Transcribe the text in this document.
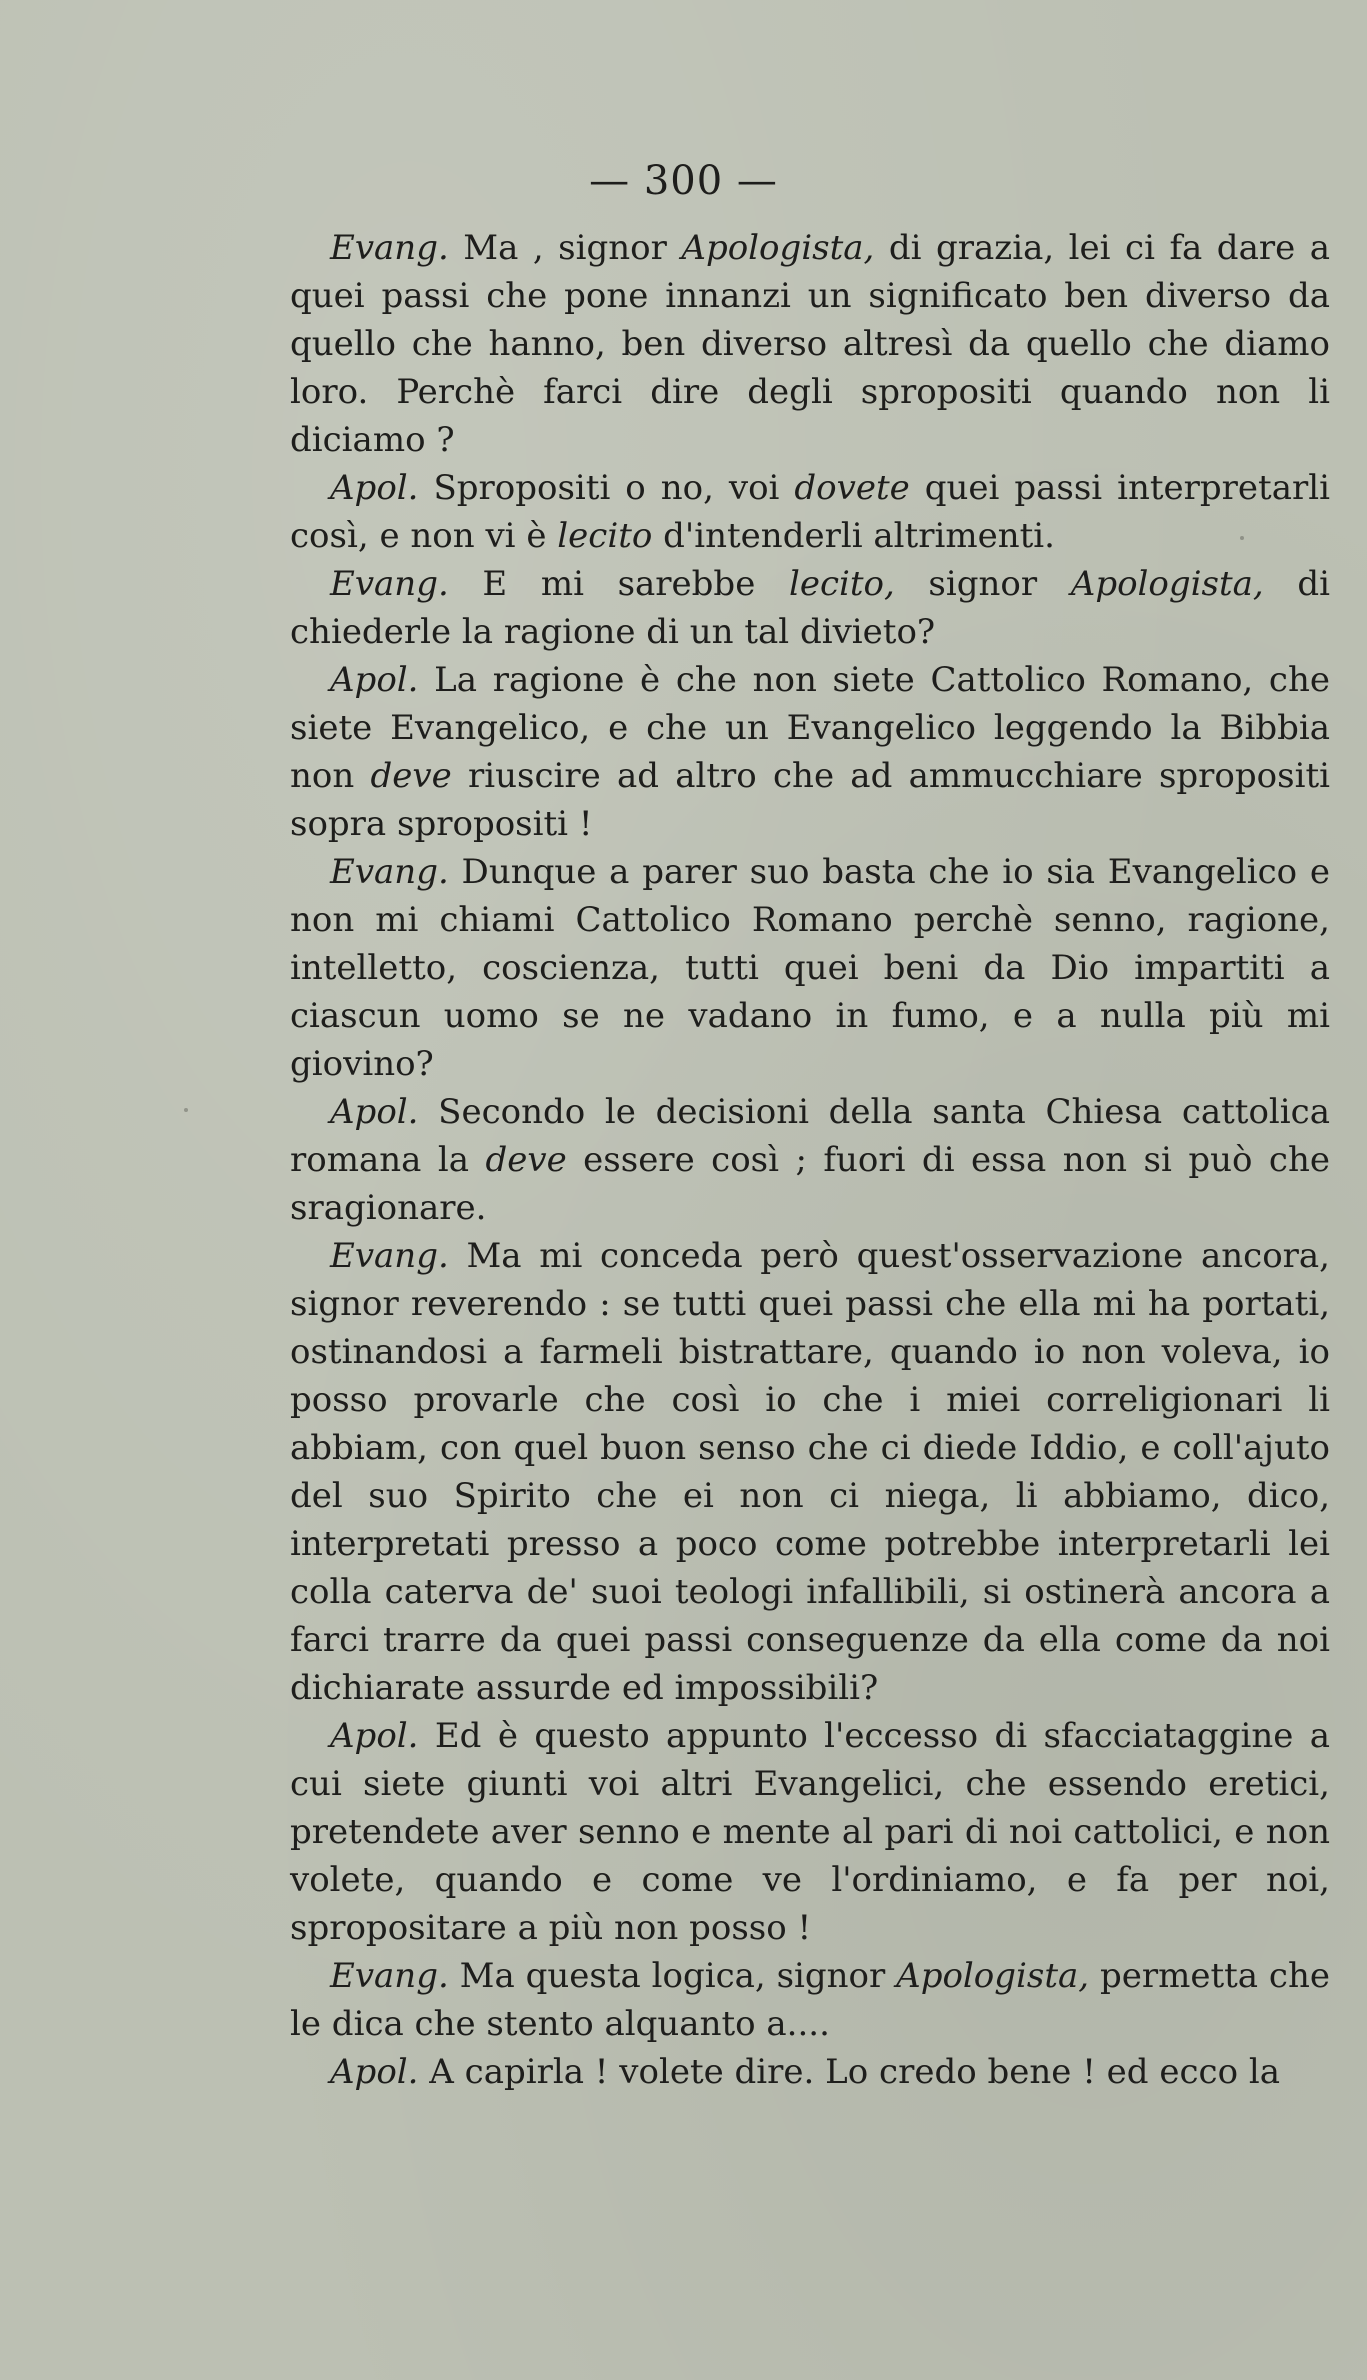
— 300 —

Evang. Ma , signor Apologista, di grazia, lei ci fa dare a quei passi che pone innanzi un significato ben diverso da quello che hanno, ben diverso altresì da quello che diamo loro. Perchè farci dire degli spropositi quando non li diciamo ?

Apol. Spropositi o no, voi dovete quei passi interpretarli così, e non vi è lecito d'intenderli altrimenti.

Evang. E mi sarebbe lecito, signor Apologista, di chiederle la ragione di un tal divieto?

Apol. La ragione è che non siete Cattolico Romano, che siete Evangelico, e che un Evangelico leggendo la Bibbia non deve riuscire ad altro che ad ammucchiare spropositi sopra spropositi !

Evang. Dunque a parer suo basta che io sia Evangelico e non mi chiami Cattolico Romano perchè senno, ragione, intelletto, coscienza, tutti quei beni da Dio impartiti a ciascun uomo se ne vadano in fumo, e a nulla più mi giovino?

Apol. Secondo le decisioni della santa Chiesa cattolica romana la deve essere così ; fuori di essa non si può che sragionare.

Evang. Ma mi conceda però quest'osservazione ancora, signor reverendo : se tutti quei passi che ella mi ha portati, ostinandosi a farmeli bistrattare, quando io non voleva, io posso provarle che così io che i miei correligionari li abbiam, con quel buon senso che ci diede Iddio, e coll'ajuto del suo Spirito che ei non ci niega, li abbiamo, dico, interpretati presso a poco come potrebbe interpretarli lei colla caterva de' suoi teologi infallibili, si ostinerà ancora a farci trarre da quei passi conseguenze da ella come da noi dichiarate assurde ed impossibili?

Apol. Ed è questo appunto l'eccesso di sfacciataggine a cui siete giunti voi altri Evangelici, che essendo eretici, pretendete aver senno e mente al pari di noi cattolici, e non volete, quando e come ve l'ordiniamo, e fa per noi, spropositare a più non posso !

Evang. Ma questa logica, signor Apologista, permetta che le dica che stento alquanto a....

Apol. A capirla ! volete dire. Lo credo bene ! ed ecco la
